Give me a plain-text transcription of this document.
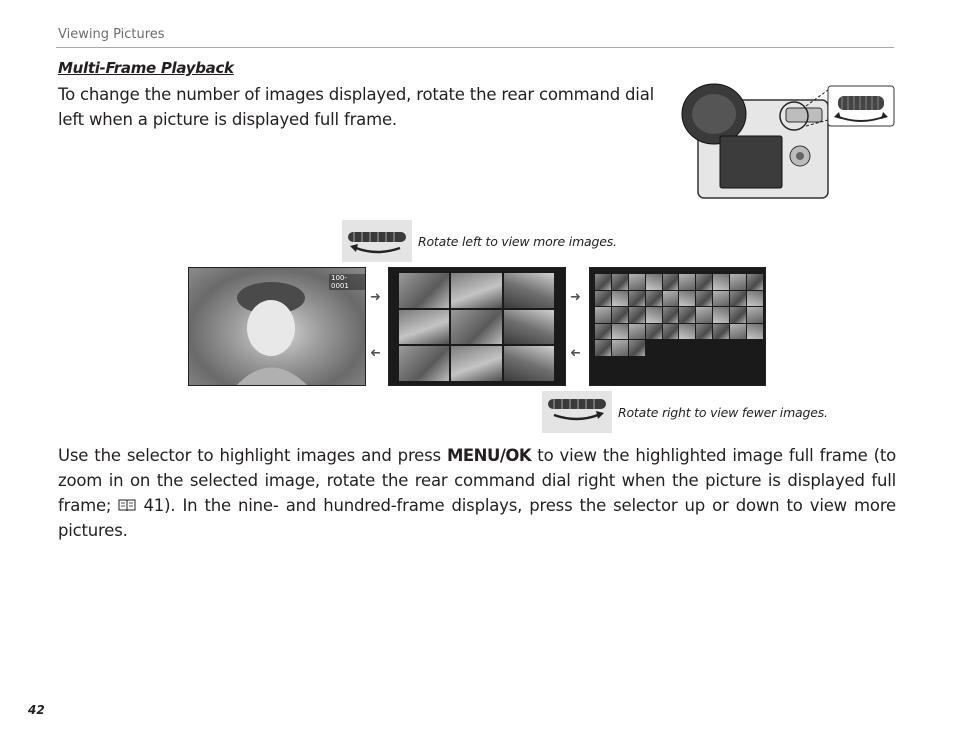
Viewing Pictures
Multi-Frame Playback
To change the number of images displayed, rotate the rear command dial left when a picture is displayed full frame.
Rotate left to view more images.
100-0001
➜
➜
➜
➜
Rotate right to view fewer images.
Use the selector to highlight images and press MENU/OK to view the highlighted image full frame (to zoom in on the selected image, rotate the rear command dial right when the picture is displayed full frame;  41). In the nine- and hundred-frame displays, press the selector up or down to view more pictures.
42
